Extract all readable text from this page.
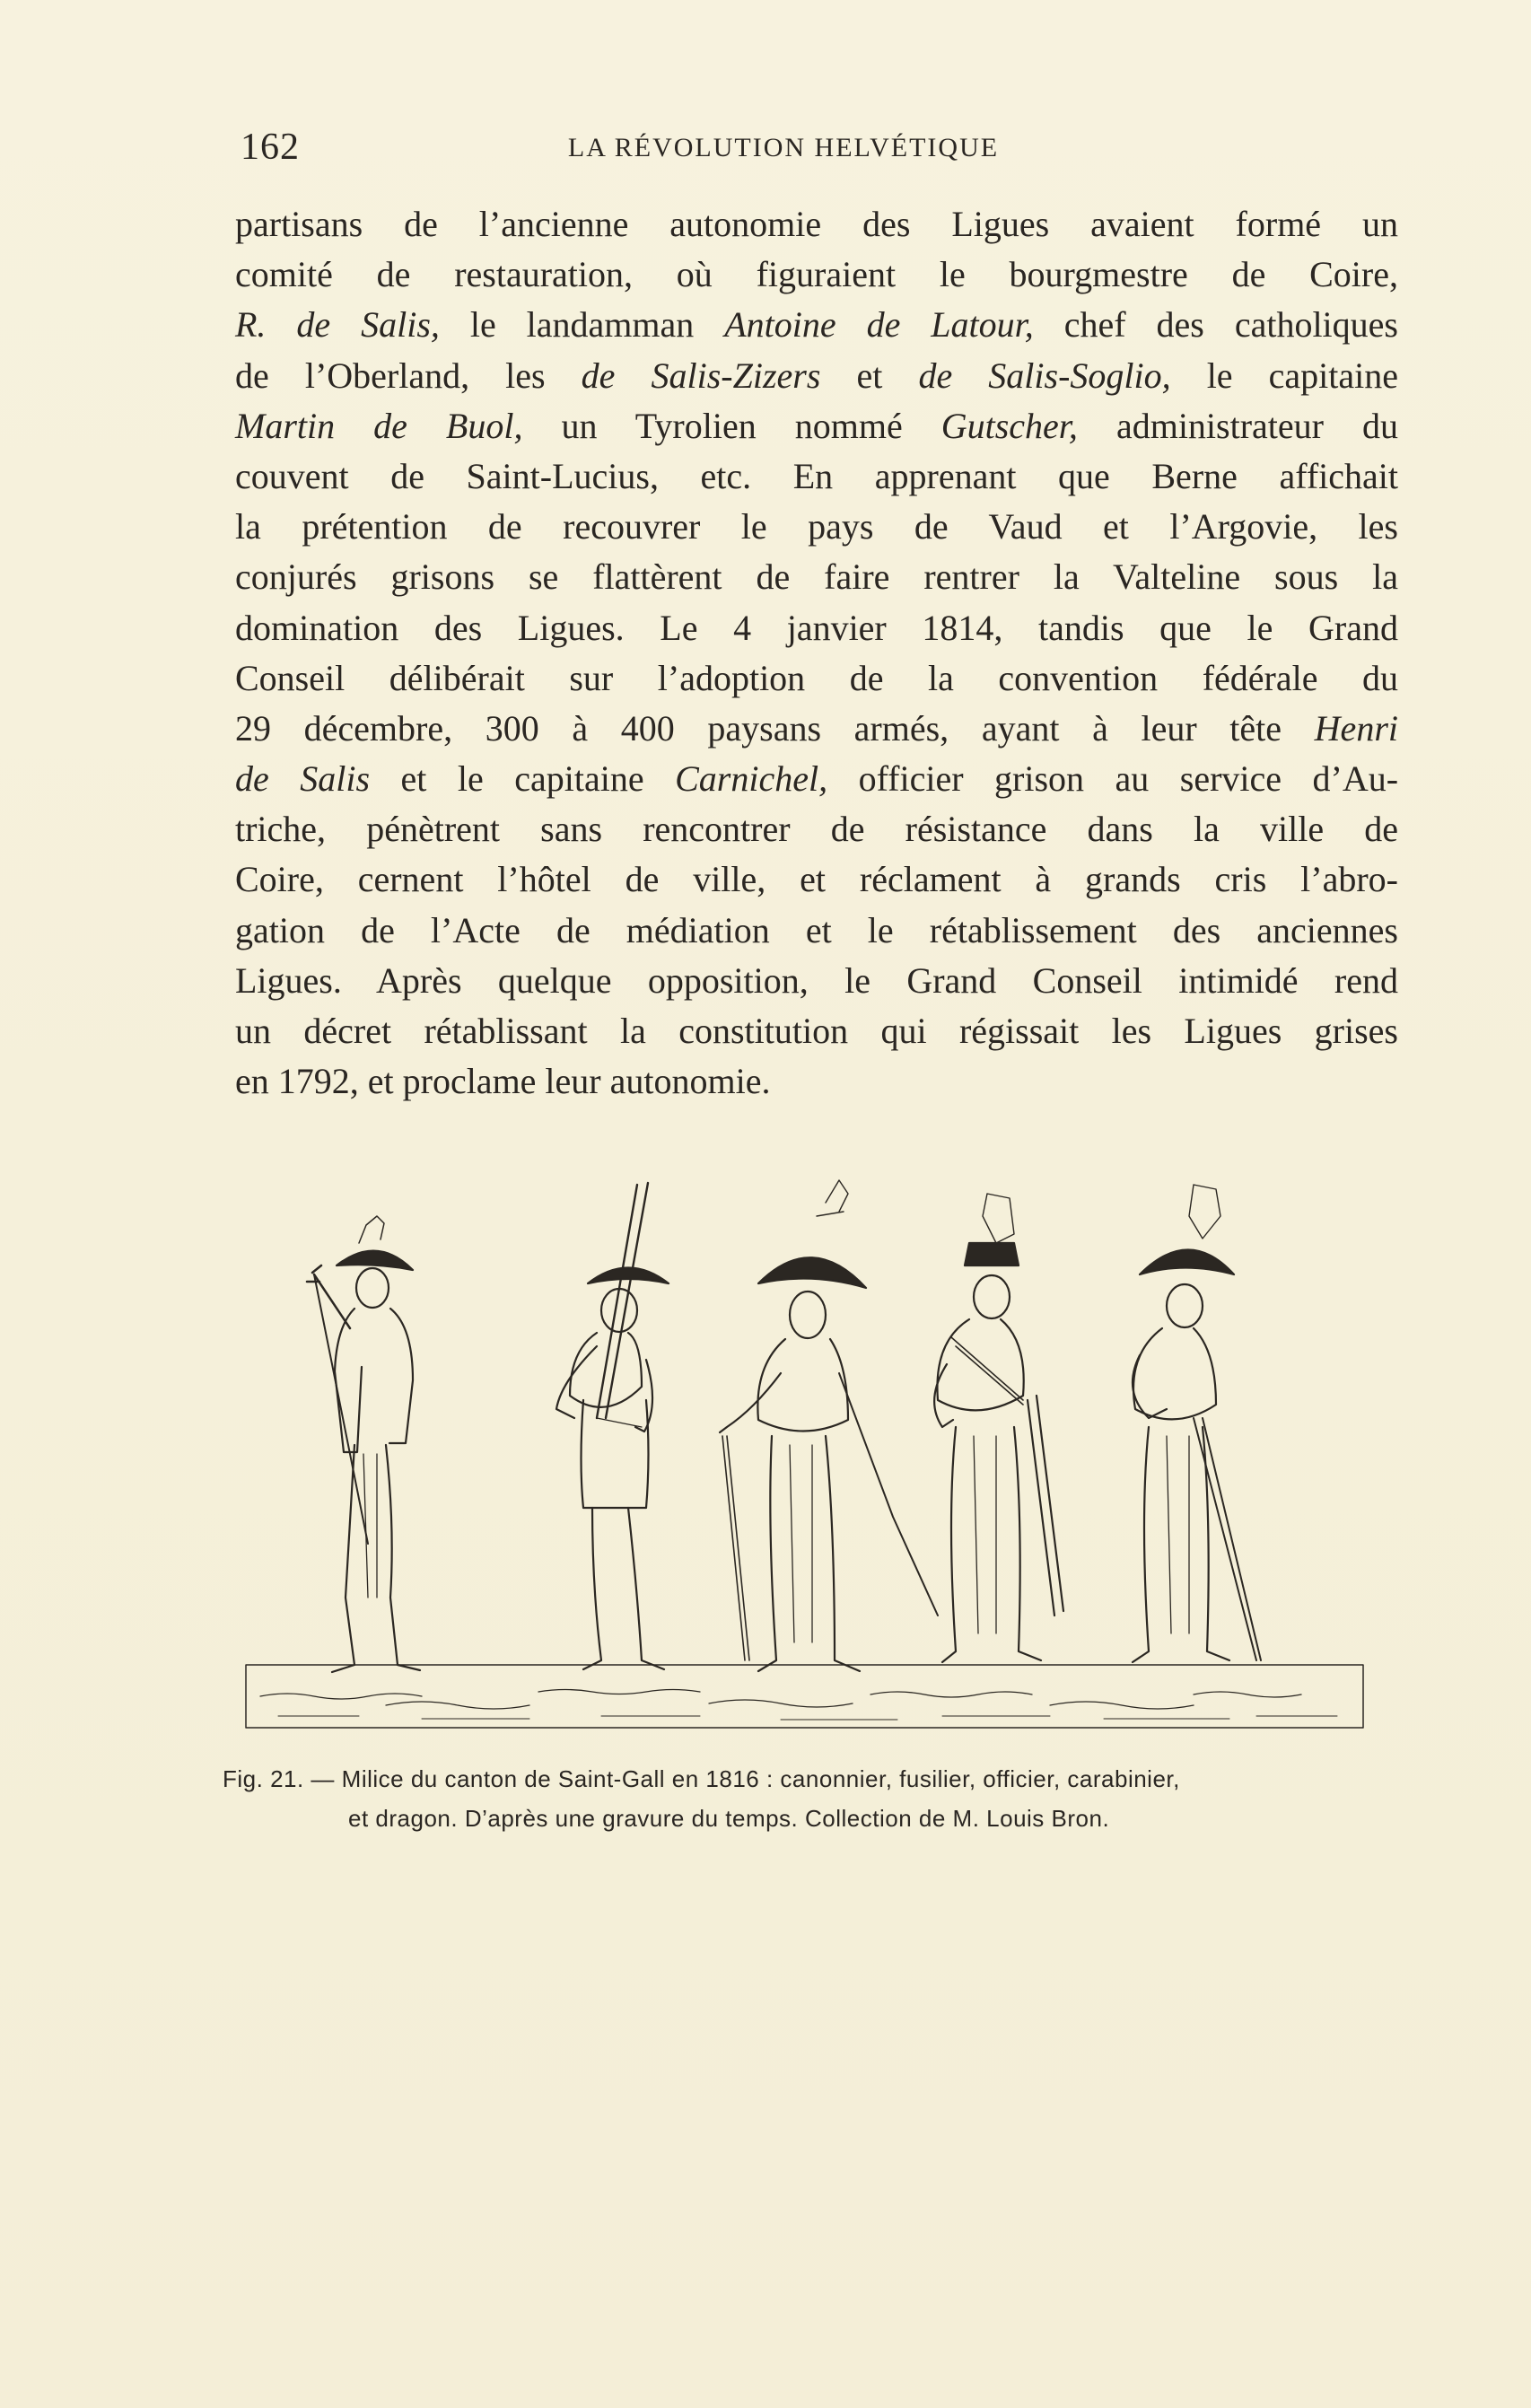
162	LA RÉVOLUTION HELVÉTIQUE
partisans de l’ancienne autonomie des Ligues avaient formé un
comité de restauration, où figuraient le bourgmestre de Coire,
R. de Salis, le landamman Antoine de Latour, chef des catholiques
de l’Oberland, les de Salis-Zizers et de Salis-Soglio, le capitaine
Martin de Buol, un Tyrolien nommé Gutscher, administrateur du
couvent de Saint-Lucius, etc. En apprenant que Berne affichait
la prétention de recouvrer le pays de Vaud et l’Argovie, les
conjurés grisons se flattèrent de faire rentrer la Valteline sous la
domination des Ligues. Le 4 janvier 1814, tandis que le Grand
Conseil délibérait sur l’adoption de la convention fédérale du
29 décembre, 300 à 400 paysans armés, ayant à leur tête Henri
de Salis et le capitaine Carnichel, officier grison au service d’Au-
triche, pénètrent sans rencontrer de résistance dans la ville de
Coire, cernent l’hôtel de ville, et réclament à grands cris l’abro-
gation de l’Acte de médiation et le rétablissement des anciennes
Ligues. Après quelque opposition, le Grand Conseil intimidé rend
un décret rétablissant la constitution qui régissait les Ligues grises
en 1792, et proclame leur autonomie.
Fig. 21. — Milice du canton de Saint-Gall en 1816 : canonnier, fusilier, officier, carabinier,
et dragon. D’après une gravure du temps. Collection de M. Louis Bron.
